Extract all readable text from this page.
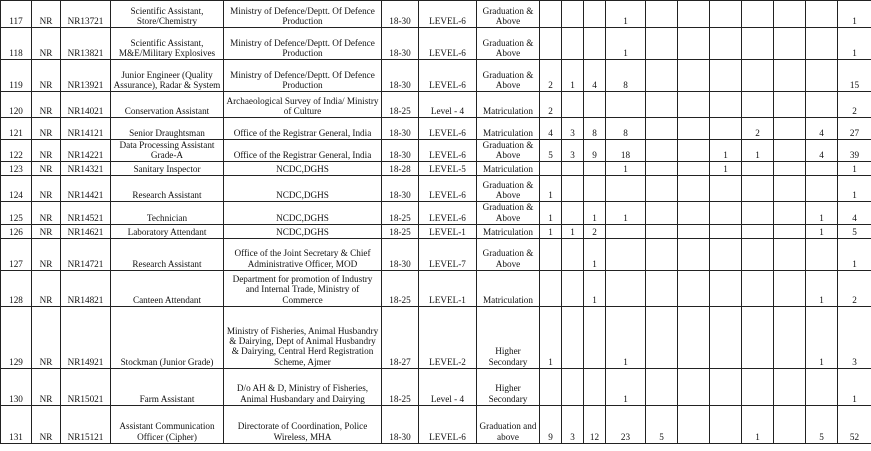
117	NR	NR13721	Scientific Assistant, Store/Chemistry	Ministry of Defence/Deptt. Of Defence Production	18-30	LEVEL-6	Graduation & Above				1							1
118	NR	NR13821	Scientific Assistant, M&E/Military Explosives	Ministry of Defence/Deptt. Of Defence Production	18-30	LEVEL-6	Graduation & Above				1							1
119	NR	NR13921	Junior Engineer (Quality Assurance), Radar & System	Ministry of Defence/Deptt. Of Defence Production	18-30	LEVEL-6	Graduation & Above	2	1	4	8							15
120	NR	NR14021	Conservation Assistant	Archaeological Survey of India/ Ministry of Culture	18-25	Level - 4	Matriculation	2										2
121	NR	NR14121	Senior Draughtsman	Office of the Registrar General, India	18-30	LEVEL-6	Matriculation	4	3	8	8				2		4	27
122	NR	NR14221	Data Processing Assistant Grade-A	Office of the Registrar General, India	18-30	LEVEL-6	Graduation & Above	5	3	9	18			1	1		4	39
123	NR	NR14321	Sanitary Inspector	NCDC,DGHS	18-28	LEVEL-5	Matriculation				1			1				1
124	NR	NR14421	Research Assistant	NCDC,DGHS	18-30	LEVEL-6	Graduation & Above	1										1
125	NR	NR14521	Technician	NCDC,DGHS	18-25	LEVEL-6	Graduation & Above	1		1	1						1	4
126	NR	NR14621	Laboratory Attendant	NCDC,DGHS	18-25	LEVEL-1	Matriculation	1	1	2							1	5
127	NR	NR14721	Research Assistant	Office of the Joint Secretary & Chief Administrative Officer, MOD	18-30	LEVEL-7	Graduation & Above			1								1
128	NR	NR14821	Canteen Attendant	Department for promotion of Industry and Internal Trade, Ministry of Commerce	18-25	LEVEL-1	Matriculation			1							1	2
129	NR	NR14921	Stockman (Junior Grade)	Ministry of Fisheries, Animal Husbandry & Dairying, Dept of Animal Husbandry & Dairying, Central Herd Registration Scheme, Ajmer	18-27	LEVEL-2	Higher Secondary	1			1						1	3
130	NR	NR15021	Farm Assistant	D/o AH & D, Ministry of Fisheries, Animal Husbandary and Dairying	18-25	Level - 4	Higher Secondary				1							1
131	NR	NR15121	Assistant Communication Officer (Cipher)	Directorate of Coordination, Police Wireless, MHA	18-30	LEVEL-6	Graduation and above	9	3	12	23	5			1		5	52
